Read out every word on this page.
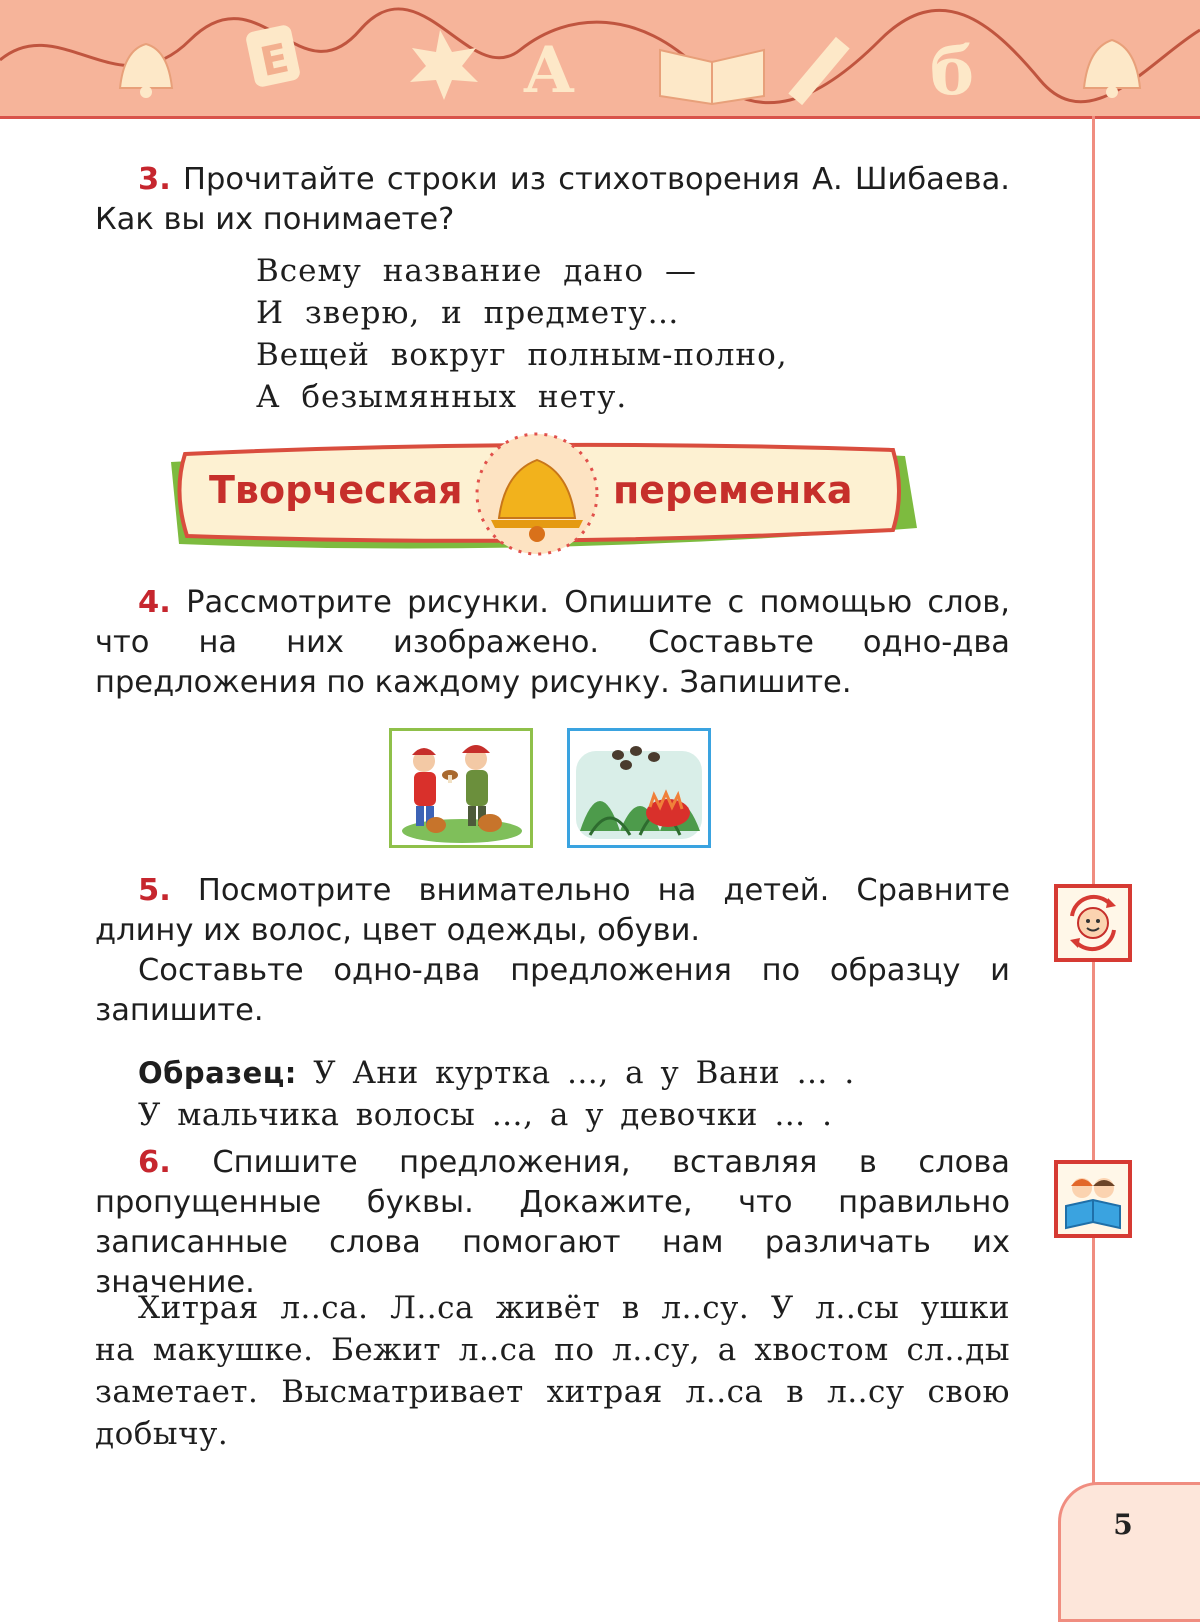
Е	A	б
3. Прочитайте строки из стихотворения А. Шибаева. Как вы их понимаете?
Всему название дано —
И зверю, и предмету…
Вещей вокруг полным-полно,
А безымянных нету.
Творческая	переменка
4. Рассмотрите рисунки. Опишите с помощью слов, что на них изображено. Составьте одно-два предложения по каждому рисунку. Запишите.
5. Посмотрите внимательно на детей. Сравните длину их волос, цвет одежды, обуви.
Составьте одно-два предложения по образцу и запишите.
Образец: У Ани куртка …, а у Вани … .
У мальчика волосы …, а у девочки … .
6. Спишите предложения, вставляя в слова пропущенные буквы. Докажите, что правильно записанные слова помогают нам различать их значение.
Хитрая л..са. Л..са живёт в л..су. У л..сы ушки на макушке. Бежит л..са по л..су, а хвостом сл..ды заметает. Высматривает хитрая л..са в л..су свою добычу.
5
